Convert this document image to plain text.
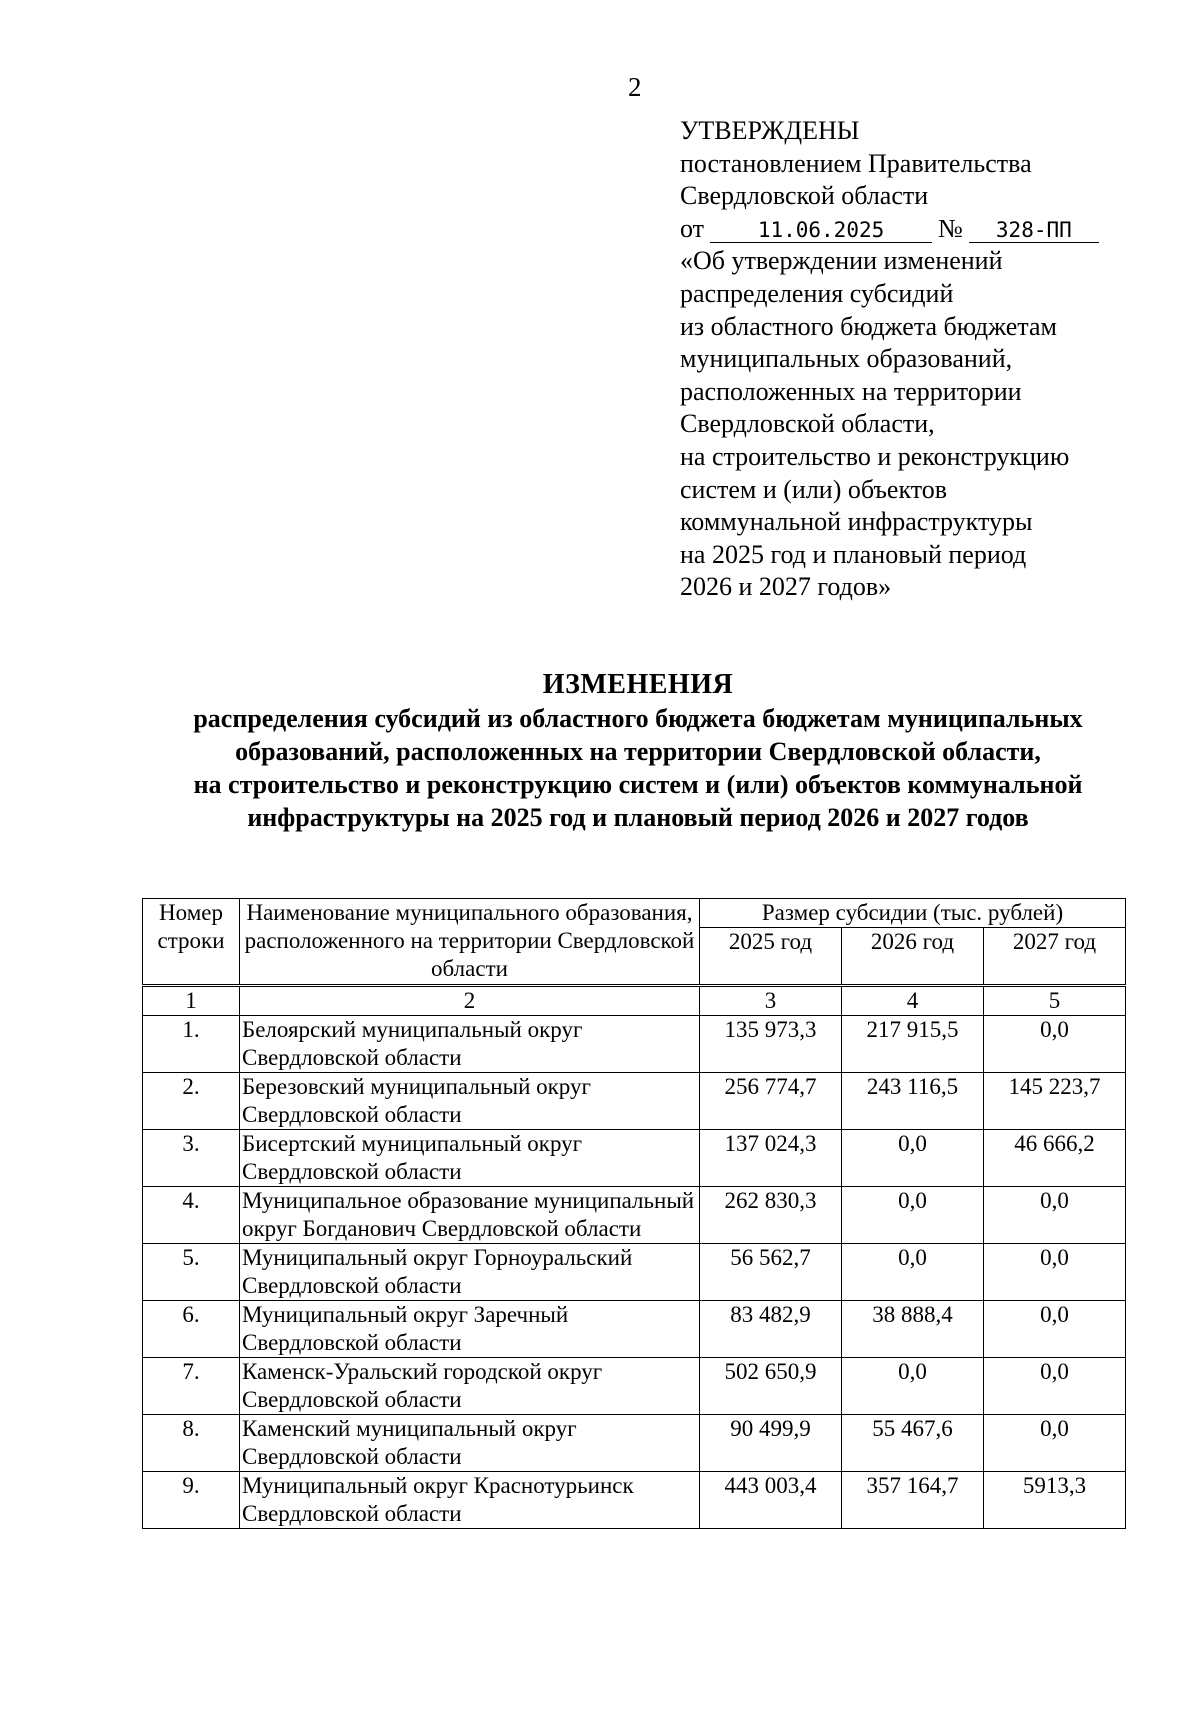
2
УТВЕРЖДЕНЫ
постановлением Правительства
Свердловской области
от	11.06.2025 № 328-ПП
«Об утверждении изменений
распределения субсидий
из областного бюджета бюджетам
муниципальных образований,
расположенных на территории
Свердловской области,
на строительство и реконструкцию
систем и (или) объектов
коммунальной инфраструктуры
на 2025 год и плановый период
2026 и 2027 годов»
ИЗМЕНЕНИЯ
распределения субсидий из областного бюджета бюджетам муниципальных
образований, расположенных на территории Свердловской области,
на строительство и реконструкцию систем и (или) объектов коммунальной
инфраструктуры на 2025 год и плановый период 2026 и 2027 годов
Номер строки	Наименование муниципального образования, расположенного на территории Свердловской области	Размер субсидии (тыс. рублей)		
		2025 год	2026 год	2027 год
1	2	3	4	5
1.	Белоярский муниципальный округ Свердловской области	135 973,3	217 915,5	0,0
2.	Березовский муниципальный округ Свердловской области	256 774,7	243 116,5	145 223,7
3.	Бисертский муниципальный округ Свердловской области	137 024,3	0,0	46 666,2
4.	Муниципальное образование муниципальный округ Богданович Свердловской области	262 830,3	0,0	0,0
5.	Муниципальный округ Горноуральский Свердловской области	56 562,7	0,0	0,0
6.	Муниципальный округ Заречный Свердловской области	83 482,9	38 888,4	0,0
7.	Каменск-Уральский городской округ Свердловской области	502 650,9	0,0	0,0
8.	Каменский муниципальный округ Свердловской области	90 499,9	55 467,6	0,0
9.	Муниципальный округ Краснотурьинск Свердловской области	443 003,4	357 164,7	5913,3
